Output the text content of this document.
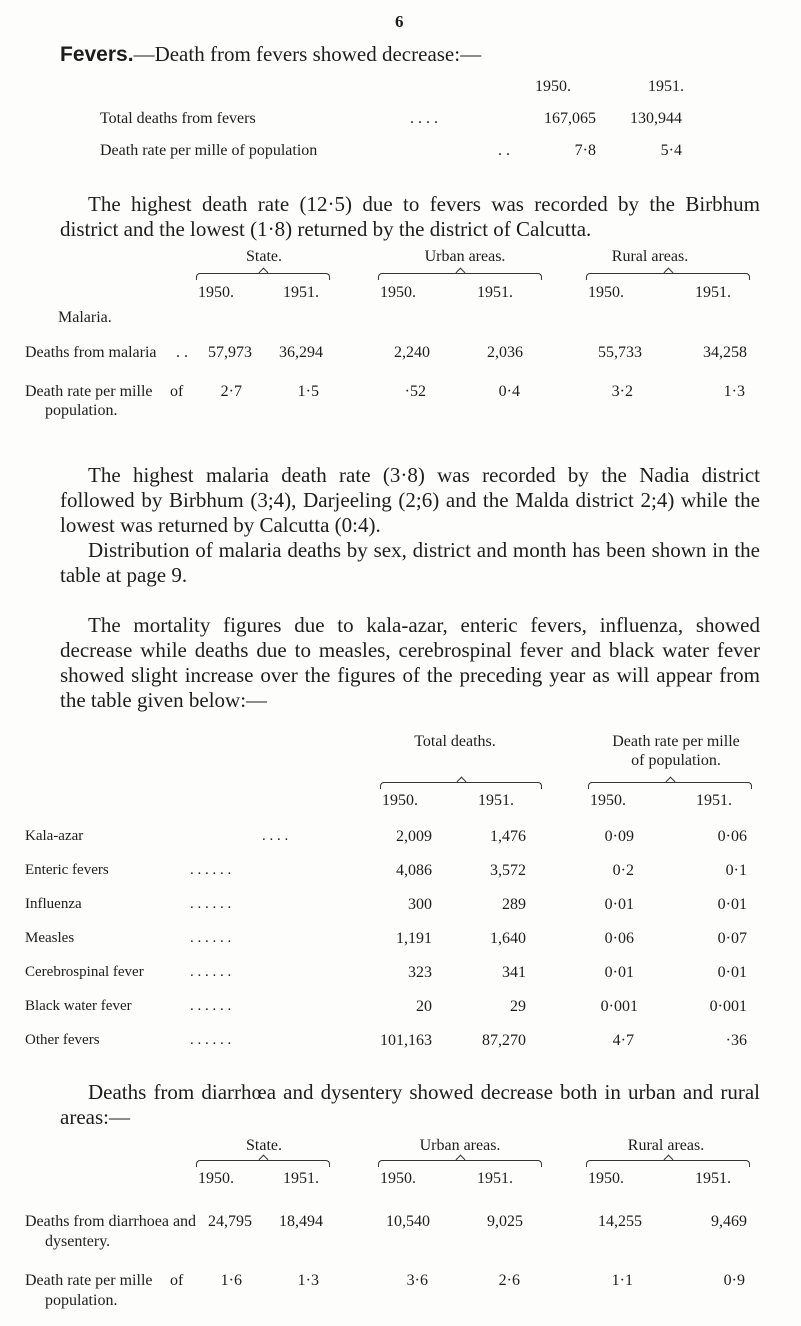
6
Fevers.—Death from fevers showed decrease:—
1950.	1951.
Total deaths from fevers	. . . .	167,065	130,944
Death rate per mille of population	. .	7·8	5·4
The highest death rate (12·5) due to fevers was recorded by the Birbhum district and the lowest (1·8) returned by the district of Calcutta.
State.	Urban areas.	Rural areas.
1950.	1951.	1950.	1951.	1950.	1951.
Malaria.
Deaths from malaria . .	57,973	36,294	2,240	2,036	55,733	34,258
Death rate per mille of
population.
2·7	1·5	·52	0·4	3·2	1·3
The highest malaria death rate (3·8) was recorded by the Nadia district followed by Birbhum (3;4), Darjeeling (2;6) and the Malda district 2;4) while the lowest was returned by Calcutta (0:4).
Distribution of malaria deaths by sex, district and month has been shown in the table at page 9.
The mortality figures due to kala-azar, enteric fevers, influenza, showed decrease while deaths due to measles, cerebrospinal fever and black water fever showed slight increase over the figures of the preceding year as will appear from the table given below:—
Total deaths.	Death rate per mille
of population.
1950.	1951.	1950.	1951.
Kala-azar	. . . .	2,009	1,476	0·09	0·06
Enteric fevers	. . . . . .	4,086	3,572	0·2	0·1
Influenza	. . . . . .	300	289	0·01	0·01
Measles	. . . . . .	1,191	1,640	0·06	0·07
Cerebrospinal fever	. . . . . .	323	341	0·01	0·01
Black water fever	. . . . . .	20	29	0·001	0·001
Other fevers	. . . . . .	101,163	87,270	4·7	·36
Deaths from diarrhœa and dysentery showed decrease both in urban and rural areas:—
State.	Urban areas.	Rural areas.
1950.	1951.	1950.	1951.	1950.	1951.
Deaths from diarrhoea and
dysentery.
24,795	18,494	10,540	9,025	14,255	9,469
Death rate per mille of
population.
1·6	1·3	3·6	2·6	1·1	0·9
